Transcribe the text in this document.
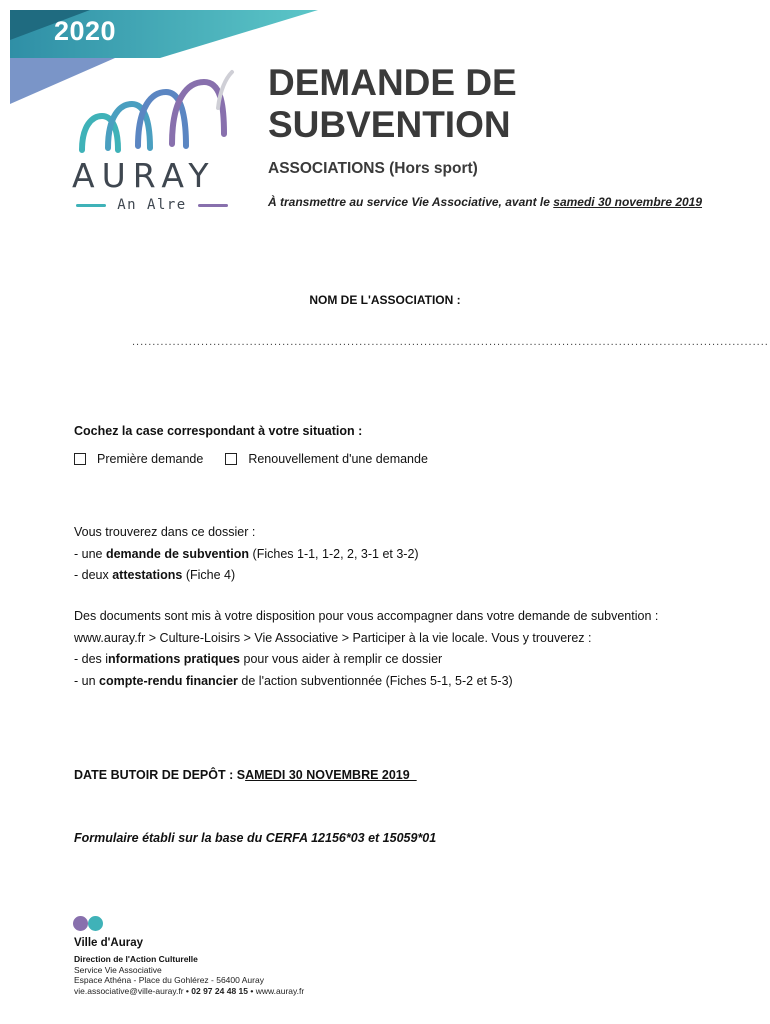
2020
AURAY
An Alre
DEMANDE DE
SUBVENTION
ASSOCIATIONS (Hors sport)
À transmettre au service Vie Associative, avant le samedi 30 novembre 2019
NOM DE L'ASSOCIATION :
.............................................................................................................................................................
Cochez la case correspondant à votre situation :
Première demande	Renouvellement d'une demande
Vous trouverez dans ce dossier :
- une demande de subvention (Fiches 1-1, 1-2, 2, 3-1 et 3-2)
- deux attestations (Fiche 4)
Des documents sont mis à votre disposition pour vous accompagner dans votre demande de subvention :
www.auray.fr > Culture-Loisirs > Vie Associative > Participer à la vie locale. Vous y trouverez :
- des informations pratiques pour vous aider à remplir ce dossier
- un compte-rendu financier de l'action subventionnée (Fiches 5-1, 5-2 et 5-3)
DATE BUTOIR DE DEPÔT : SAMEDI 30 NOVEMBRE 2019
Formulaire établi sur la base du CERFA 12156*03 et 15059*01
Ville d'Auray
Direction de l'Action Culturelle
Service Vie Associative
Espace Athéna - Place du Gohlérez - 56400 Auray
vie.associative@ville-auray.fr • 02 97 24 48 15 • www.auray.fr
